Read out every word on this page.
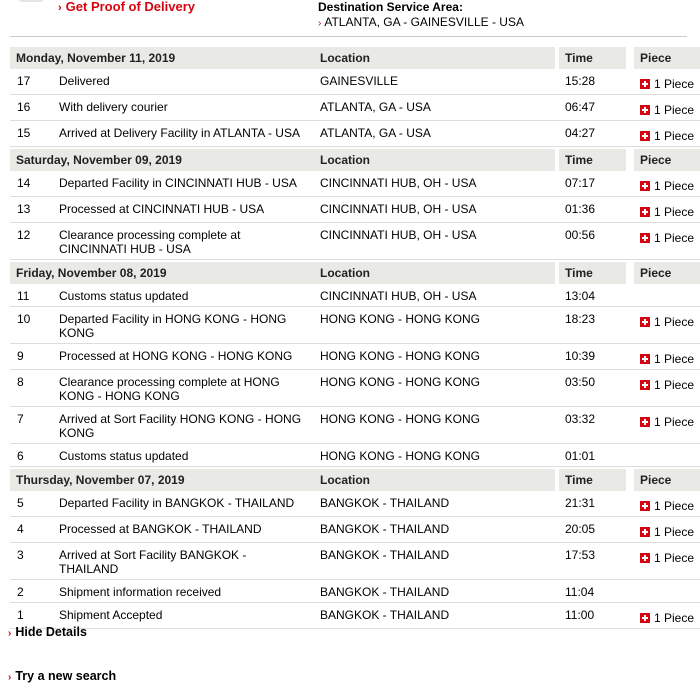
› Get Proof of Delivery	Destination Service Area:
› ATLANTA, GA - GAINESVILLE - USA
Monday, November 11, 2019		Location		Time		Piece
17	Delivered	GAINESVILLE		15:28		1 Piece
16	With delivery courier	ATLANTA, GA - USA		06:47		1 Piece
15	Arrived at Delivery Facility in ATLANTA - USA	ATLANTA, GA - USA		04:27		1 Piece
Saturday, November 09, 2019		Location		Time		Piece
14	Departed Facility in CINCINNATI HUB - USA	CINCINNATI HUB, OH - USA		07:17		1 Piece
13	Processed at CINCINNATI HUB - USA	CINCINNATI HUB, OH - USA		01:36		1 Piece
12	Clearance processing complete at CINCINNATI HUB - USA	CINCINNATI HUB, OH - USA		00:56		1 Piece
Friday, November 08, 2019		Location		Time		Piece
11	Customs status updated	CINCINNATI HUB, OH - USA		13:04		
10	Departed Facility in HONG KONG - HONG KONG	HONG KONG - HONG KONG		18:23		1 Piece
9	Processed at HONG KONG - HONG KONG	HONG KONG - HONG KONG		10:39		1 Piece
8	Clearance processing complete at HONG KONG - HONG KONG	HONG KONG - HONG KONG		03:50		1 Piece
7	Arrived at Sort Facility HONG KONG - HONG KONG	HONG KONG - HONG KONG		03:32		1 Piece
6	Customs status updated	HONG KONG - HONG KONG		01:01		
Thursday, November 07, 2019		Location		Time		Piece
5	Departed Facility in BANGKOK - THAILAND	BANGKOK - THAILAND		21:31		1 Piece
4	Processed at BANGKOK - THAILAND	BANGKOK - THAILAND		20:05		1 Piece
3	Arrived at Sort Facility BANGKOK - THAILAND	BANGKOK - THAILAND		17:53		1 Piece
2	Shipment information received	BANGKOK - THAILAND		11:04		
1	Shipment Accepted	BANGKOK - THAILAND		11:00		1 Piece
› Hide Details
› Try a new search
